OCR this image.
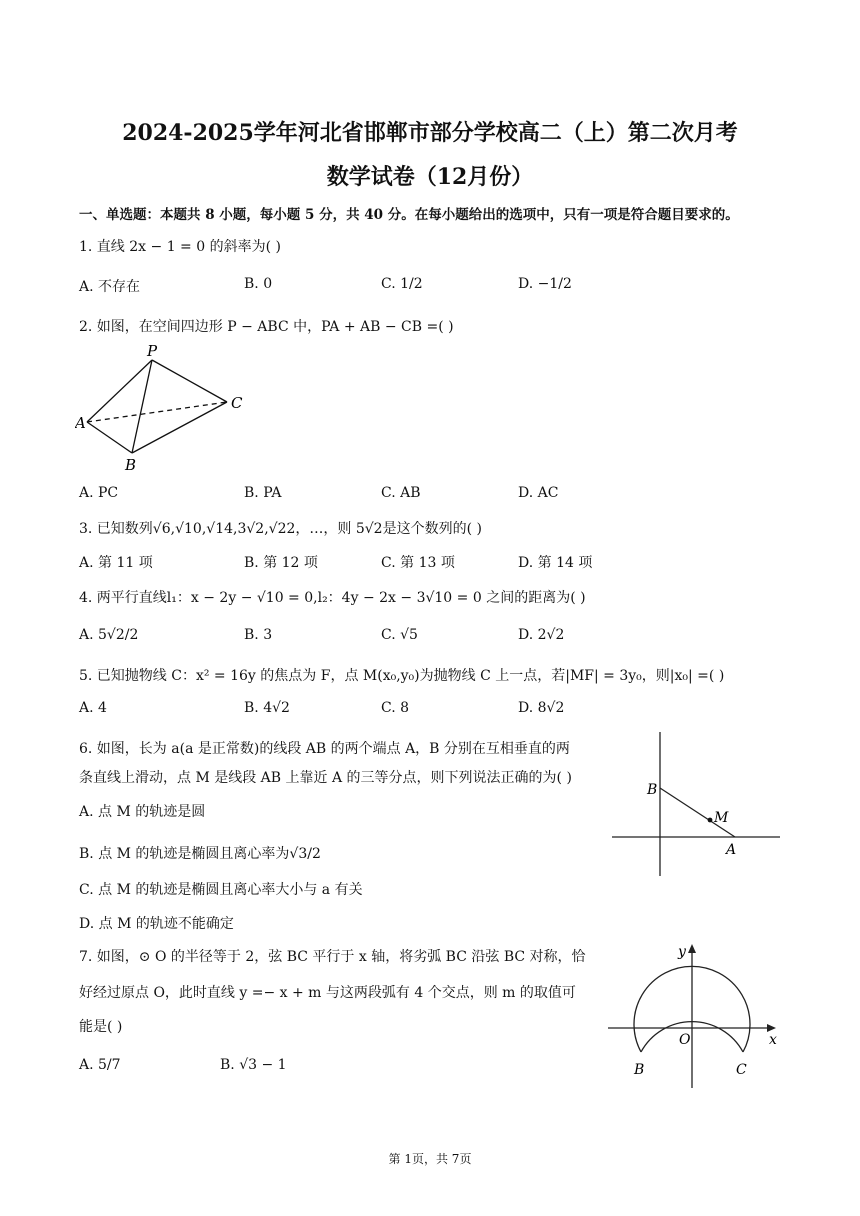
2024-2025学年河北省邯郸市部分学校高二（上）第二次月考
数学试卷（12月份）
一、单选题：本题共 8 小题，每小题 5 分，共 40 分。在每小题给出的选项中，只有一项是符合题目要求的。
1. 直线 2x − 1 = 0 的斜率为( )
A. 不存在	B. 0	C. 1/2	D. −1/2
2. 如图，在空间四边形 P − ABC 中，PA + AB − CB =( )
P
A
B
C
A. PC	B. PA	C. AB	D. AC
3. 已知数列√6,√10,√14,3√2,√22，…，则 5√2是这个数列的( )
A. 第 11 项	B. 第 12 项	C. 第 13 项	D. 第 14 项
4. 两平行直线l₁：x − 2y − √10 = 0,l₂：4y − 2x − 3√10 = 0 之间的距离为( )
A. 5√2/2	B. 3	C. √5	D. 2√2
5. 已知抛物线 C：x² = 16y 的焦点为 F，点 M(x₀,y₀)为抛物线 C 上一点，若|MF| = 3y₀，则|x₀| =( )
A. 4	B. 4√2	C. 8	D. 8√2
6. 如图，长为 a(a 是正常数)的线段 AB 的两个端点 A，B 分别在互相垂直的两
条直线上滑动，点 M 是线段 AB 上靠近 A 的三等分点，则下列说法正确的为( )
A. 点 M 的轨迹是圆
B. 点 M 的轨迹是椭圆且离心率为√3/2
C. 点 M 的轨迹是椭圆且离心率大小与 a 有关
D. 点 M 的轨迹不能确定
B
M
A
7. 如图，⊙ O 的半径等于 2，弦 BC 平行于 x 轴，将劣弧 BC 沿弦 BC 对称，恰
好经过原点 O，此时直线 y =− x + m 与这两段弧有 4 个交点，则 m 的取值可
能是( )
A. 5/7	B. √3 − 1
y
O	x
B	C
第 1页，共 7页
